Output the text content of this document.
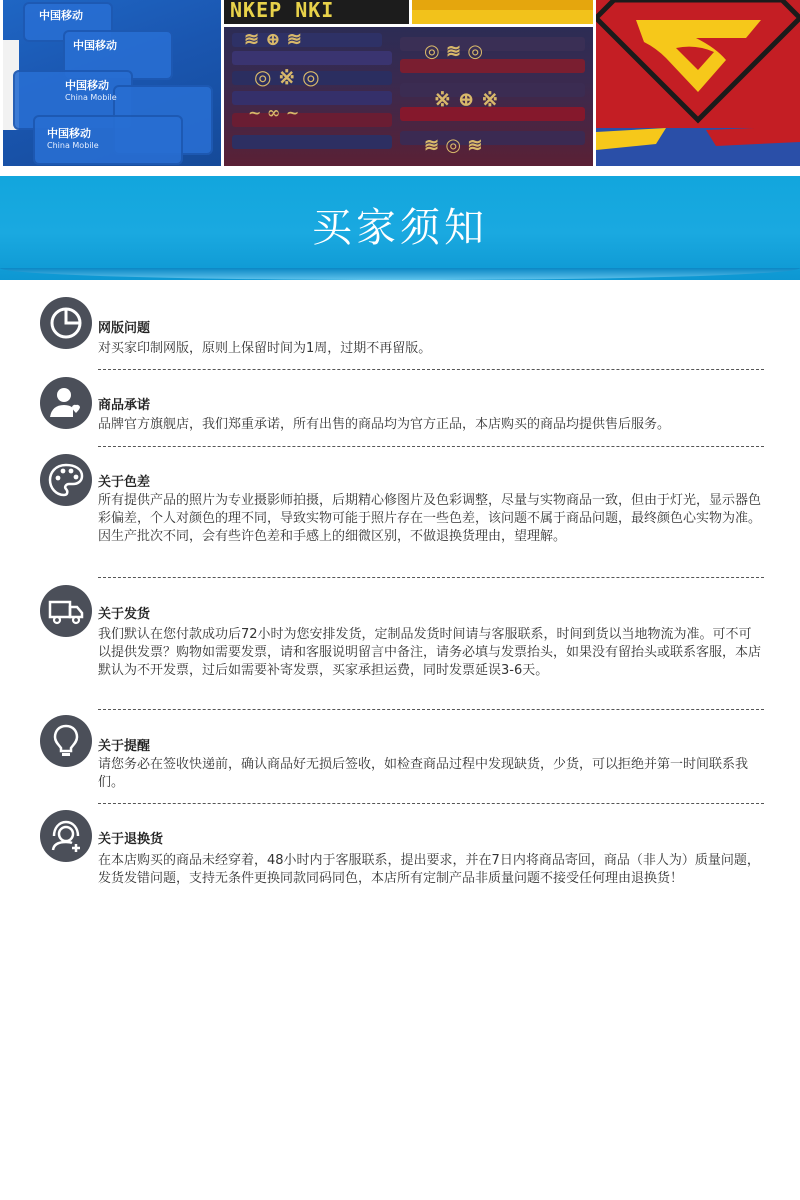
中国移动
中国移动
中国移动
China Mobile
中国移动
China Mobile
NKEP NKI
≋ ⊕ ≋
◎ ※ ◎
~ ∞ ~
◎ ≋ ◎
※ ⊕ ※
≋ ◎ ≋
买家须知
网版问题

对买家印制网版，原则上保留时间为1周，过期不再留版。

商品承诺

品牌官方旗舰店，我们郑重承诺，所有出售的商品均为官方正品，本店购买的商品均提供售后服务。

关于色差

所有提供产品的照片为专业摄影师拍摄，后期精心修图片及色彩调整，尽量与实物商品一致，但由于灯光，显示器色彩偏差，个人对颜色的理不同，导致实物可能于照片存在一些色差，该问题不属于商品问题，最终颜色心实物为准。

因生产批次不同，会有些许色差和手感上的细微区别，不做退换货理由，望理解。

关于发货

我们默认在您付款成功后72小时为您安排发货，定制品发货时间请与客服联系，时间到货以当地物流为准。可不可以提供发票？购物如需要发票，请和客服说明留言中备注，请务必填与发票抬头，如果没有留抬头或联系客服，本店默认为不开发票，过后如需要补寄发票，买家承担运费，同时发票延误3-6天。

关于提醒

请您务必在签收快递前，确认商品好无损后签收，如检查商品过程中发现缺货，少货，可以拒绝并第一时间联系我们。

关于退换货

在本店购买的商品未经穿着，48小时内于客服联系，提出要求，并在7日内将商品寄回，商品（非人为）质量问题，发货发错问题，支持无条件更换同款同码同色，本店所有定制产品非质量问题不接受任何理由退换货！
